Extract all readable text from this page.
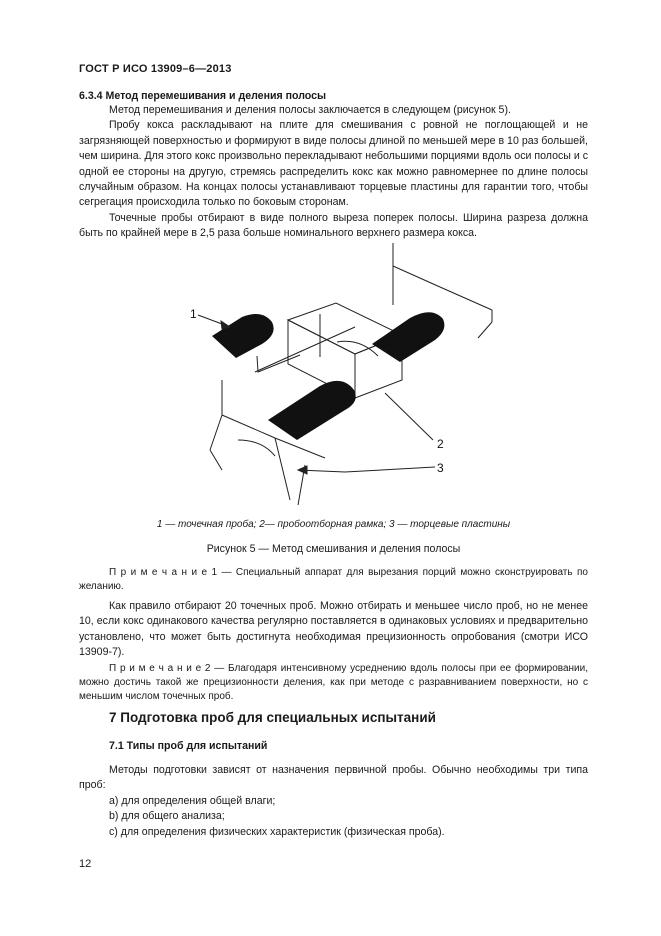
ГОСТ Р ИСО 13909–6—2013
6.3.4 Метод перемешивания и деления полосы

Метод перемешивания и деления полосы заключается в следующем (рисунок 5).

Пробу кокса раскладывают на плите для смешивания с ровной не поглощающей и не загрязняющей поверхностью и формируют в виде полосы длиной по меньшей мере в 10 раз большей, чем ширина. Для этого кокс произвольно перекладывают небольшими порциями вдоль оси полосы и с одной ее стороны на другую, стремясь распределить кокс как можно равномернее по длине полосы случайным образом. На концах полосы устанавливают торцевые пластины для гарантии того, чтобы сегрегация происходила только по боковым сторонам.

Точечные пробы отбирают в виде полного выреза поперек полосы. Ширина разреза должна быть по крайней мере в 2,5 раза больше номинального верхнего размера кокса.

1
2
3
1 — точечная проба; 2— пробоотборная рамка; 3 — торцевые пластины
Рисунок 5 — Метод смешивания и деления полосы
П р и м е ч а н и е 1 — Специальный аппарат для вырезания порций можно сконструировать по желанию.

Как правило отбирают 20 точечных проб. Можно отбирать и меньшее число проб, но не менее 10, если кокс одинакового качества регулярно поставляется в одинаковых условиях и предварительно установлено, что может быть достигнута необходимая прецизионность опробования (смотри ИСО 13909-7).

П р и м е ч а н и е 2 — Благодаря интенсивному усреднению вдоль полосы при ее формировании, можно достичь такой же прецизионности деления, как при методе с разравниванием поверхности, но с меньшим числом точечных проб.
7 Подготовка проб для специальных испытаний
7.1 Типы проб для испытаний

Методы подготовки зависят от назначения первичной пробы. Обычно необходимы три типа проб:

a) для определения общей влаги;

b) для общего анализа;

c) для определения физических характеристик (физическая проба).

12
